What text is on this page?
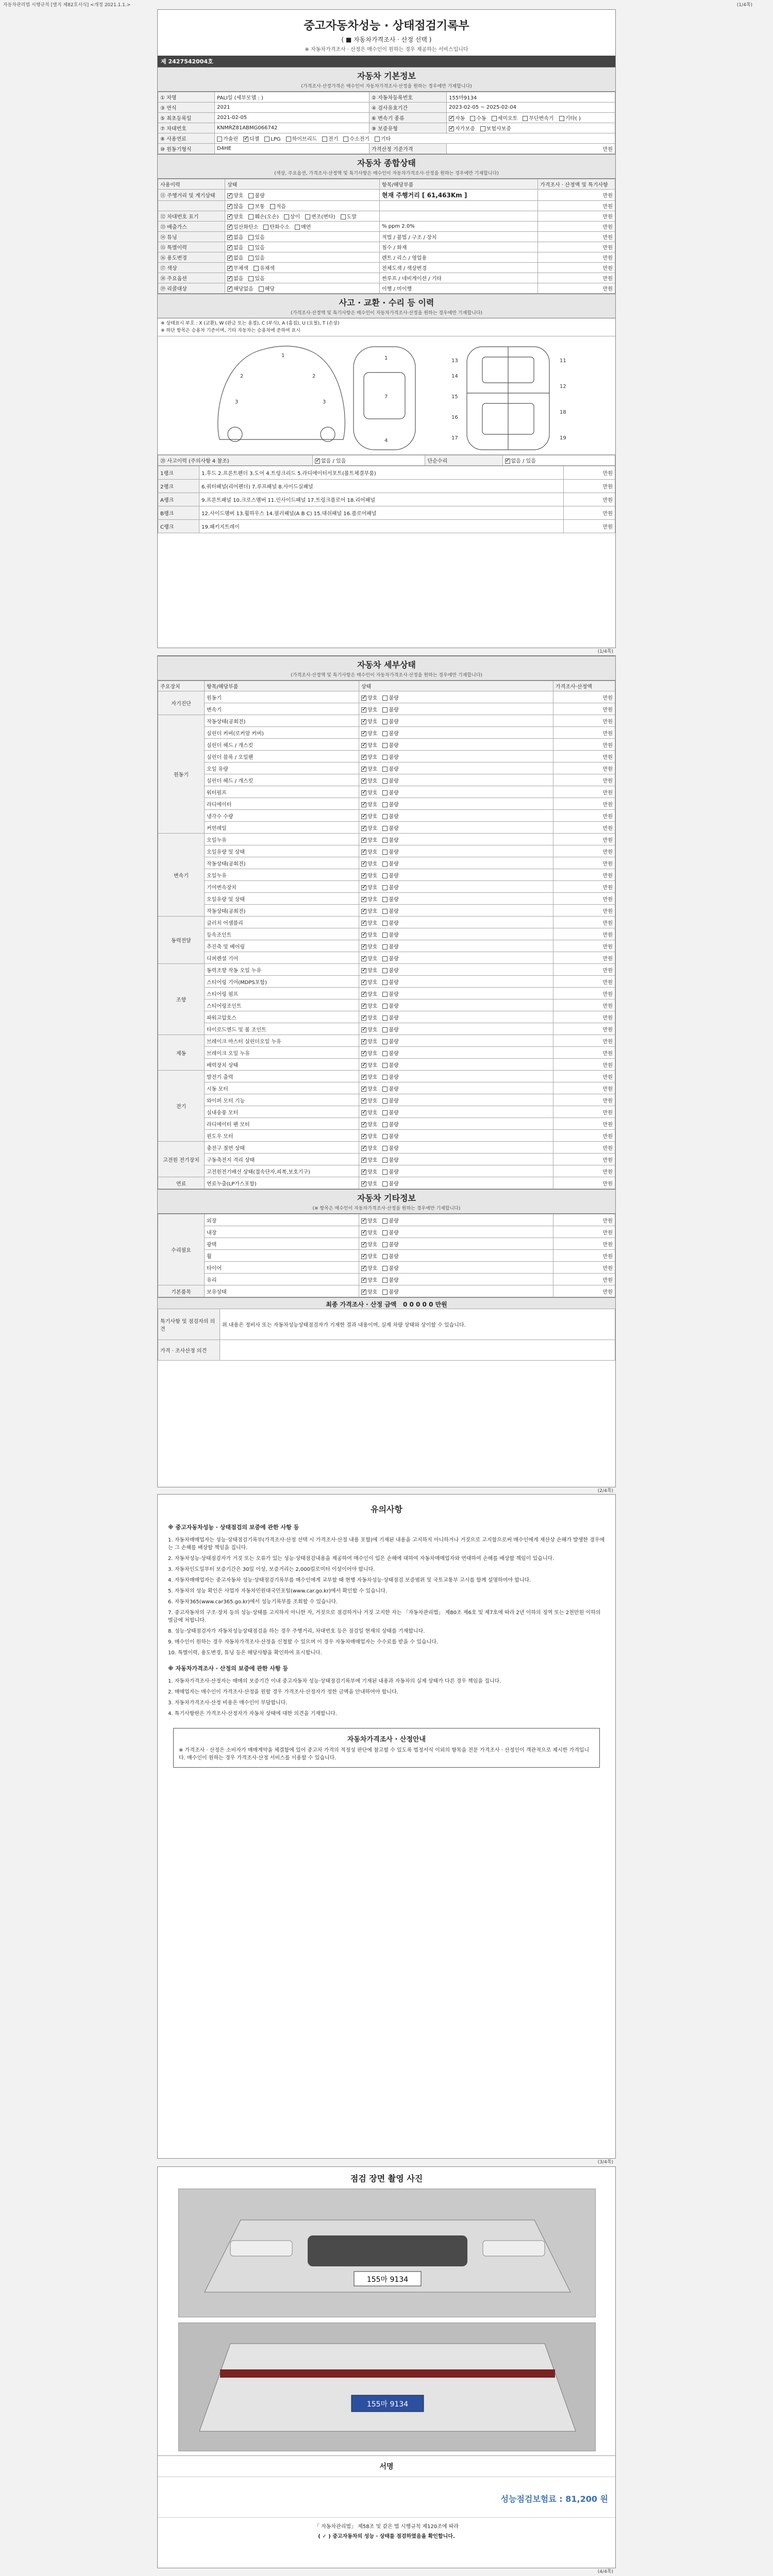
자동차관리법 시행규칙 [별지 제82호서식] <개정 2021.1.1.>	(1/4쪽)
중고자동차성능 · 상태점검기록부
( ■ 자동차가격조사 · 산정 선택 )
※ 자동차가격조사 · 산정은 매수인이 원하는 경우 제공하는 서비스입니다
제 2427542004호
자동차 기본정보
(가격조사·산정가격은 매수인이 자동차가격조사·산정을 원하는 경우에만 기재합니다)
① 차명	PALI일 (세부모델 : )	② 자동차등록번호	155마9134
③ 연식	2021	④ 검사유효기간	2023-02-05 ~ 2025-02-04
⑤ 최초등록일	2021-02-05	⑥ 변속기 종류	✓자동 수동 세미오토 무단변속기 기타( )
⑦ 차대번호	KNMRZ81ABMG066742	⑨ 보증유형	✓자가보증 보험사보증
⑧ 사용연료	가솔린 ✓ 디젤 LPG 하이브리드 전기 수소전기 기타
⑩ 원동기형식	D4HE	가격산정 기준가격	만원
자동차 종합상태
(색상, 주요옵션, 가격조사·산정액 및 특기사항은 매수인이 자동차가격조사·산정을 원하는 경우에만 기재합니다)
사용이력	상태	항목/해당부품	가격조사 · 산정액 및 특기사항
⑪ 주행거리 및 계기상태	✓양호 불량	현재 주행거리 [ 61,463Km ]	만원
	✓많음 보통 적음		만원
⑫ 차대번호 표기	✓양호 훼손(오손) 상이 변조(변타) 도말		만원
⑬ 배출가스	✓일산화탄소 탄화수소 매연	% ppm 2.0%	만원
⑭ 튜닝	✓없음 있음	적법 / 불법 / 구조 / 장치	만원
⑮ 특별이력	✓없음 있음	침수 / 화재	만원
⑯ 용도변경	✓없음 있음	렌트 / 리스 / 영업용	만원
⑰ 색상	✓무채색 유채색	전체도색 / 색상변경	만원
⑱ 주요옵션	✓없음 있음	썬루프 / 네비게이션 / 기타	만원
⑲ 리콜대상	✓해당없음 해당	이행 / 미이행	만원
사고 · 교환 · 수리 등 이력
(가격조사·산정액 및 특기사항은 매수인이 자동차가격조사·산정을 원하는 경우에만 기재합니다)
※ 상태표시 부호 : X (교환), W (판금 또는 용접), C (부식), A (흠집), U (요철), T (손상)
※ 하단 항목은 승용차 기준이며, 기타 자동차는 승용차에 준하여 표시
1
2	2
3	3
1
7
4
13
14
15
16
17
11
12
18
19
⑳ 사고이력 (주의사항 4 참조)	✓없음 / 있음	단순수리	✓없음 / 있음
1랭크	1.후드 2.프론트펜더 3.도어 4.트렁크리드 5.라디에이터서포트(볼트체결부품)	만원
2랭크	6.쿼터패널(리어펜더) 7.루프패널 8.사이드실패널	만원
A랭크	9.프론트패널 10.크로스멤버 11.인사이드패널 17.트렁크플로어 18.리어패널	만원
B랭크	12.사이드멤버 13.휠하우스 14.필러패널(A B C) 15.대쉬패널 16.플로어패널	만원
C랭크	19.패키지트레이	만원
(1/4쪽)
자동차 세부상태
(가격조사·산정액 및 특기사항은 매수인이 자동차가격조사·산정을 원하는 경우에만 기재합니다)
주요장치	항목/해당부품	상태	가격조사·산정액
자기진단	원동기	✓양호 불량	만원
	변속기	✓양호 불량	만원
원동기	작동상태(공회전)	✓양호 불량	만원
	실린더 커버(로커암 커버)	✓양호 불량	만원
	실린더 헤드 / 개스킷	✓양호 불량	만원
	실린더 블록 / 오일팬	✓양호 불량	만원
	오일 유량	✓양호 불량	만원
	실린더 헤드 / 개스킷	✓양호 불량	만원
	워터펌프	✓양호 불량	만원
	라디에이터	✓양호 불량	만원
	냉각수 수량	✓양호 불량	만원
	커먼레일	✓양호 불량	만원
변속기	오일누유	✓양호 불량	만원
	오일유량 및 상태	✓양호 불량	만원
	작동상태(공회전)	✓양호 불량	만원
	오일누유	✓양호 불량	만원
	기어변속장치	✓양호 불량	만원
	오일유량 및 상태	✓양호 불량	만원
	작동상태(공회전)	✓양호 불량	만원
동력전달	클러치 어셈블리	✓양호 불량	만원
	등속조인트	✓양호 불량	만원
	추진축 및 베어링	✓양호 불량	만원
	디퍼렌셜 기어	✓양호 불량	만원
조향	동력조향 작동 오일 누유	✓양호 불량	만원
	스티어링 기어(MDPS포함)	✓양호 불량	만원
	스티어링 펌프	✓양호 불량	만원
	스티어링조인트	✓양호 불량	만원
	파워고압호스	✓양호 불량	만원
	타이로드엔드 및 볼 조인트	✓양호 불량	만원
제동	브레이크 마스터 실린더오일 누유	✓양호 불량	만원
	브레이크 오일 누유	✓양호 불량	만원
	배력장치 상태	✓양호 불량	만원
전기	발전기 출력	✓양호 불량	만원
	시동 모터	✓양호 불량	만원
	와이퍼 모터 기능	✓양호 불량	만원
	실내송풍 모터	✓양호 불량	만원
	라디에이터 팬 모터	✓양호 불량	만원
	윈도우 모터	✓양호 불량	만원
고전원 전기장치	충전구 절연 상태	✓양호 불량	만원
	구동축전지 격리 상태	✓양호 불량	만원
	고전원전기배선 상태(접속단자,피복,보호기구)	✓양호 불량	만원
연료	연료누출(LP가스포함)	✓양호 불량	만원
자동차 기타정보
(※ 항목은 매수인이 자동차가격조사·산정을 원하는 경우에만 기재합니다)
수리필요	외장	✓양호 불량	만원
	내장	✓양호 불량	만원
	광택	✓양호 불량	만원
	휠	✓양호 불량	만원
	타이어	✓양호 불량	만원
	유리	✓양호 불량	만원
기본품목	보유상태	✓양호 불량	만원
최종 가격조사 · 산정 금액 0 0 0 0 0 만원
특기사항 및 점검자의 의견	위 내용은 정비사 또는 자동차성능상태점검자가 기재한 결과 내용이며, 실제 차량 상태와 상이할 수 있습니다.
가격 · 조사산정 의견	
(2/4쪽)
유의사항
※ 중고자동차성능 · 상태점검의 보증에 관한 사항 등

1. 자동차매매업자는 성능·상태점검기록부(가격조사·산정 선택 시 가격조사·산정 내용 포함)에 기재된 내용을 고지하지 아니하거나 거짓으로 고지함으로써 매수인에게 재산상 손해가 발생한 경우에는 그 손해를 배상할 책임을 집니다.

2. 자동차성능·상태점검자가 거짓 또는 오류가 있는 성능·상태점검내용을 제공하여 매수인이 입은 손해에 대하여 자동차매매업자와 연대하여 손해를 배상할 책임이 있습니다.

3. 자동차인도일부터 보증기간은 30일 이상, 보증거리는 2,000킬로미터 이상이어야 합니다.

4. 자동차매매업자는 중고자동차 성능·상태점검기록부를 매수인에게 교부할 때 현행 자동차성능·상태점검 보증범위 및 국토교통부 고시를 함께 설명하여야 합니다.

5. 자동차의 성능 확인은 사업자 자동차민원대국민포털(www.car.go.kr)에서 확인할 수 있습니다.

6. 자동차365(www.car365.go.kr)에서 성능기록부를 조회할 수 있습니다.

7. 중고자동차의 구조·장치 등의 성능·상태를 고지하지 아니한 자, 거짓으로 점검하거나 거짓 고지한 자는 「자동차관리법」 제80조 제6호 및 제7호에 따라 2년 이하의 징역 또는 2천만원 이하의 벌금에 처합니다.

8. 성능·상태점검자가 자동차성능상태점검을 하는 경우 주행거리, 차대번호 등은 점검일 현재의 상태를 기재합니다.

9. 매수인이 원하는 경우 자동차가격조사·산정을 신청할 수 있으며 이 경우 자동차매매업자는 수수료를 받을 수 있습니다.

10. 특별이력, 용도변경, 튜닝 등은 해당사항을 확인하여 표시합니다.

※ 자동차가격조사 · 산정의 보증에 관한 사항 등

1. 자동차가격조사·산정자는 매매의 보증기간 이내 중고자동차 성능·상태점검기록부에 기재된 내용과 자동차의 실제 상태가 다른 경우 책임을 집니다.

2. 매매업자는 매수인이 가격조사·산정을 원할 경우 가격조사·산정자가 정한 금액을 안내하여야 합니다.

3. 자동차가격조사·산정 비용은 매수인이 부담합니다.

4. 특기사항란은 가격조사·산정자가 자동차 상태에 대한 의견을 기재합니다.

자동차가격조사 · 산정안내
※ 가격조사 · 산정은 소비자가 매매계약을 체결함에 있어 중고차 가격의 적정성 판단에 참고할 수 있도록 법정서식 이외의 항목을 전문 가격조사 · 산정인이 객관적으로 제시한 가격입니다. 매수인이 원하는 경우 가격조사·산정 서비스를 이용할 수 있습니다.
(3/4쪽)
점검 장면 촬영 사진
155마 9134
155마 9134
서명
성능점검보험료 : 81,200 원
「 자동차관리법」 제58조 및 같은 법 시행규칙 제120조에 따라
( ✓ ) 중고자동차의 성능 · 상태를 점검하였음을 확인합니다.
(4/4쪽)
